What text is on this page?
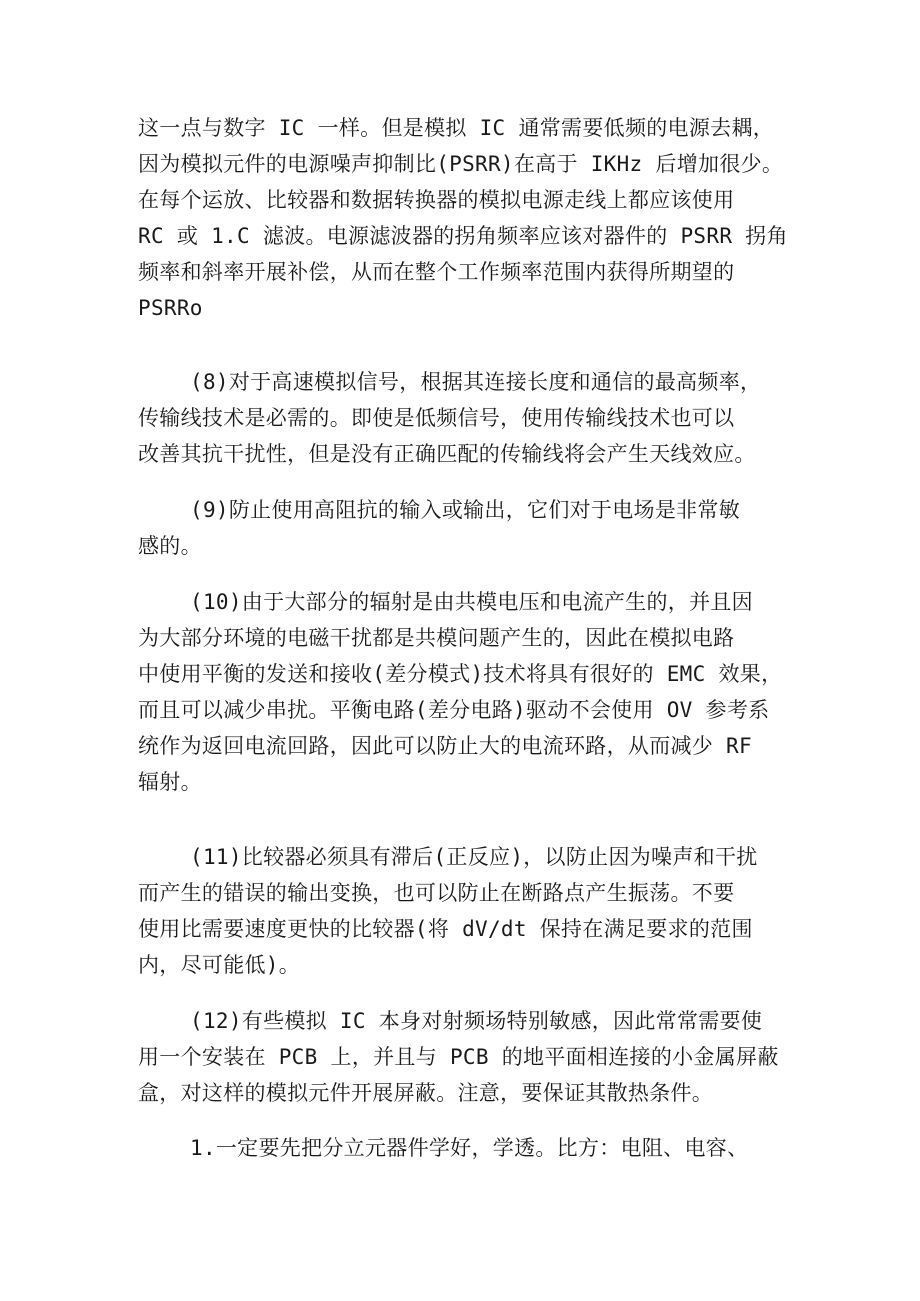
这一点与数字 IC 一样。但是模拟 IC 通常需要低频的电源去耦，
因为模拟元件的电源噪声抑制比(PSRR)在高于 IKHz 后增加很少。
在每个运放、比较器和数据转换器的模拟电源走线上都应该使用
RC 或 1.C 滤波。电源滤波器的拐角频率应该对器件的 PSRR 拐角
频率和斜率开展补偿，从而在整个工作频率范围内获得所期望的
PSRRo
(8)对于高速模拟信号，根据其连接长度和通信的最高频率，
传输线技术是必需的。即使是低频信号，使用传输线技术也可以
改善其抗干扰性，但是没有正确匹配的传输线将会产生天线效应。
(9)防止使用高阻抗的输入或输出，它们对于电场是非常敏
感的。
(10)由于大部分的辐射是由共模电压和电流产生的，并且因
为大部分环境的电磁干扰都是共模问题产生的，因此在模拟电路
中使用平衡的发送和接收(差分模式)技术将具有很好的 EMC 效果，
而且可以减少串扰。平衡电路(差分电路)驱动不会使用 OV 参考系
统作为返回电流回路，因此可以防止大的电流环路，从而减少 RF
辐射。
(11)比较器必须具有滞后(正反应)，以防止因为噪声和干扰
而产生的错误的输出变换，也可以防止在断路点产生振荡。不要
使用比需要速度更快的比较器(将 dV/dt 保持在满足要求的范围
内，尽可能低)。
(12)有些模拟 IC 本身对射频场特别敏感，因此常常需要使
用一个安装在 PCB 上，并且与 PCB 的地平面相连接的小金属屏蔽
盒，对这样的模拟元件开展屏蔽。注意，要保证其散热条件。
1.一定要先把分立元器件学好，学透。比方：电阻、电容、
